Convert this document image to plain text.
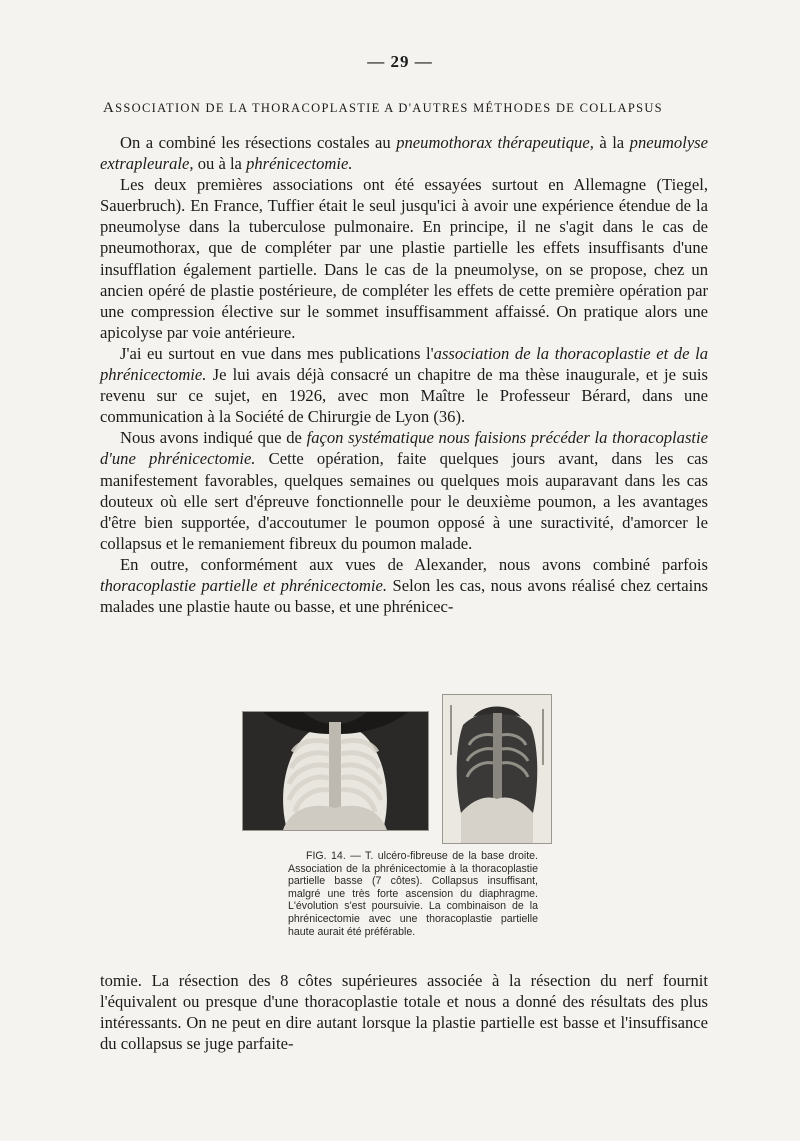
— 29 —
ASSOCIATION DE LA THORACOPLASTIE A D'AUTRES MÉTHODES DE COLLAPSUS

On a combiné les résections costales au pneumothorax thérapeutique, à la pneumolyse extrapleurale, ou à la phrénicectomie.

Les deux premières associations ont été essayées surtout en Allemagne (Tiegel, Sauerbruch). En France, Tuffier était le seul jusqu'ici à avoir une expérience étendue de la pneumolyse dans la tuberculose pulmonaire. En principe, il ne s'agit dans le cas de pneumothorax, que de compléter par une plastie partielle les effets insuffisants d'une insufflation également partielle. Dans le cas de la pneumolyse, on se propose, chez un ancien opéré de plastie postérieure, de compléter les effets de cette première opération par une compression élective sur le sommet insuffisamment affaissé. On pratique alors une apicolyse par voie antérieure.

J'ai eu surtout en vue dans mes publications l'association de la thoracoplastie et de la phrénicectomie. Je lui avais déjà consacré un chapitre de ma thèse inaugurale, et je suis revenu sur ce sujet, en 1926, avec mon Maître le Professeur Bérard, dans une communication à la Société de Chirurgie de Lyon (36).

Nous avons indiqué que de façon systématique nous faisions précéder la thoracoplastie d'une phrénicectomie. Cette opération, faite quelques jours avant, dans les cas manifestement favorables, quelques semaines ou quelques mois auparavant dans les cas douteux où elle sert d'épreuve fonctionnelle pour le deuxième poumon, a les avantages d'être bien supportée, d'accoutumer le poumon opposé à une suractivité, d'amorcer le collapsus et le remaniement fibreux du poumon malade.

En outre, conformément aux vues de Alexander, nous avons combiné parfois thoracoplastie partielle et phrénicectomie. Selon les cas, nous avons réalisé chez certains malades une plastie haute ou basse, et une phrénicec-

FIG. 14. — T. ulcéro-fibreuse de la base droite. Association de la phrénicectomie à la thoracoplastie partielle basse (7 côtes). Collapsus insuffisant, malgré une très forte ascension du diaphragme. L'évolution s'est poursuivie. La combinaison de la phrénicectomie avec une thoracoplastie partielle haute aurait été préférable.

tomie. La résection des 8 côtes supérieures associée à la résection du nerf fournit l'équivalent ou presque d'une thoracoplastie totale et nous a donné des résultats des plus intéressants. On ne peut en dire autant lorsque la plastie partielle est basse et l'insuffisance du collapsus se juge parfaite-
